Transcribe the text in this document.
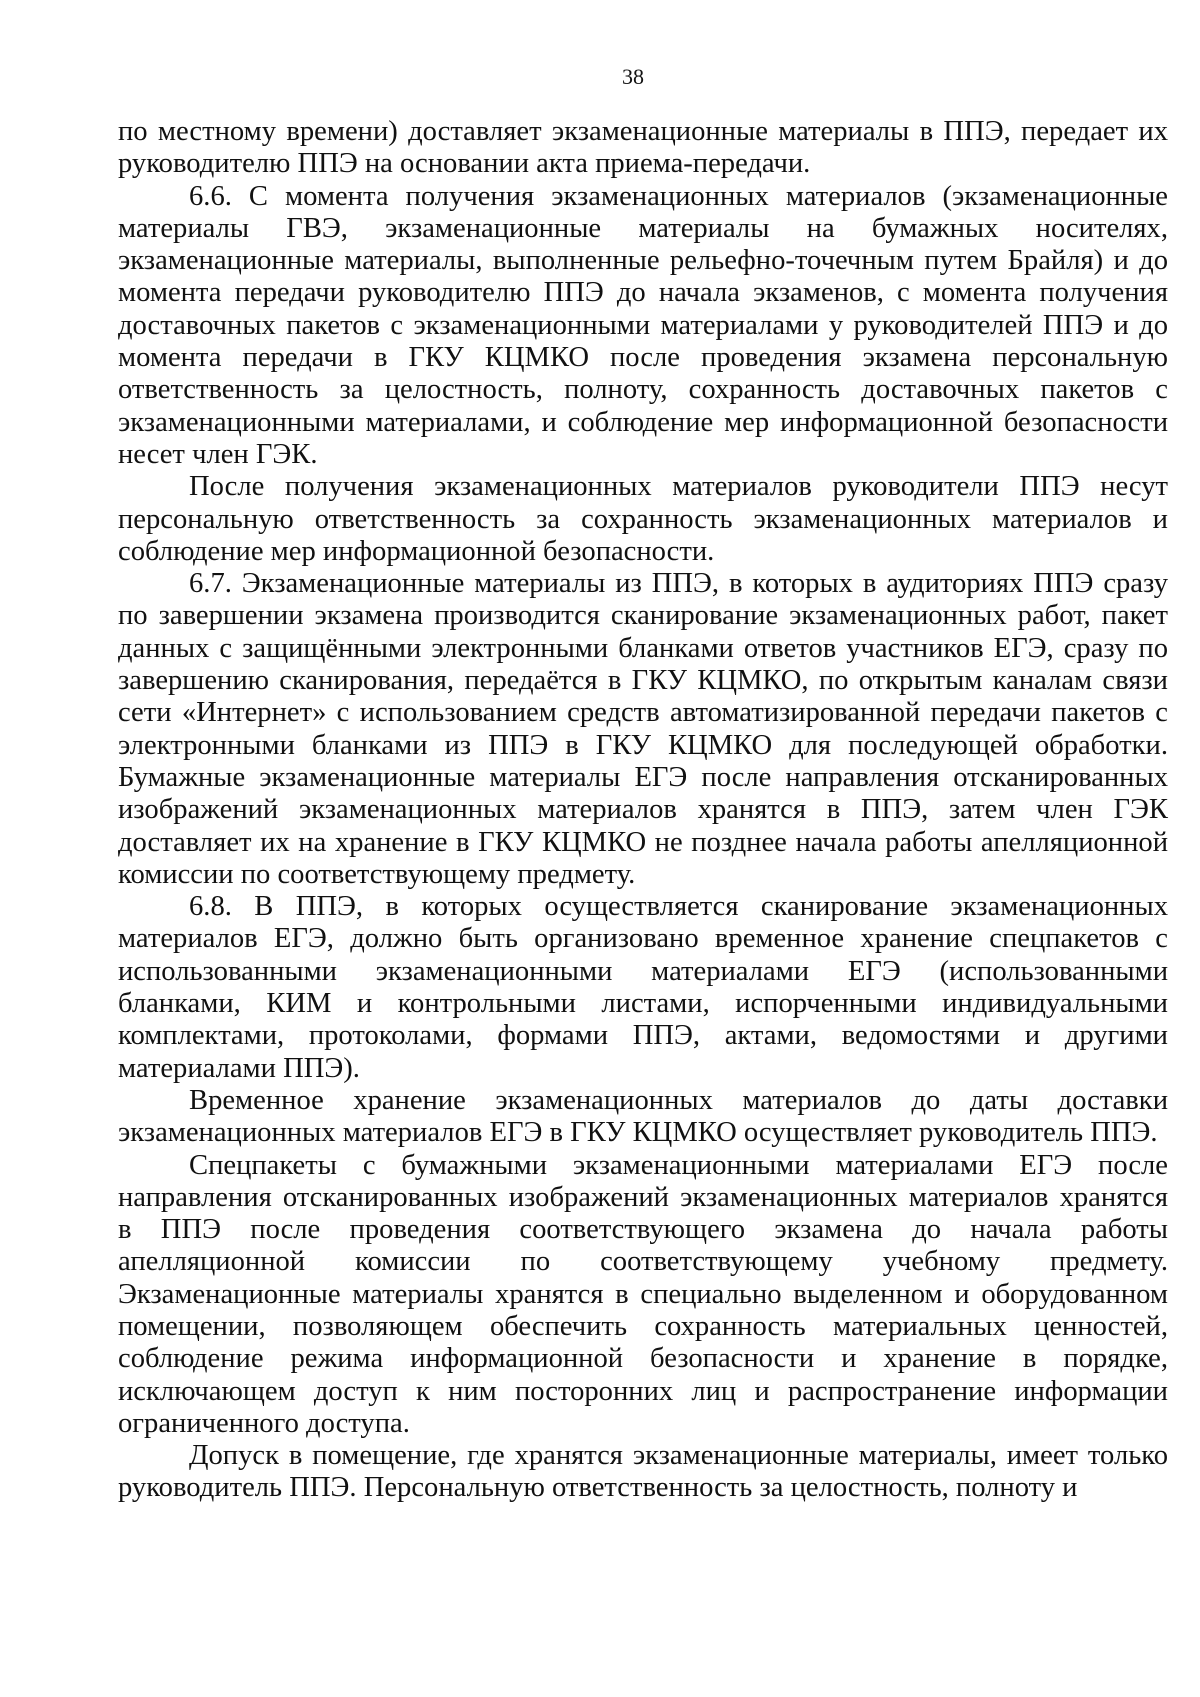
38

по местному времени) доставляет экзаменационные материалы в ППЭ, передает их руководителю ППЭ на основании акта приема-передачи.

6.6. С момента получения экзаменационных материалов (экзаменационные материалы ГВЭ, экзаменационные материалы на бумажных носителях, экзаменационные материалы, выполненные рельефно-точечным путем Брайля) и до момента передачи руководителю ППЭ до начала экзаменов, с момента получения доставочных пакетов с экзаменационными материалами у руководителей ППЭ и до момента передачи в ГКУ КЦМКО после проведения экзамена персональную ответственность за целостность, полноту, сохранность доставочных пакетов с экзаменационными материалами, и соблюдение мер информационной безопасности несет член ГЭК.

После получения экзаменационных материалов руководители ППЭ несут персональную ответственность за сохранность экзаменационных материалов и соблюдение мер информационной безопасности.

6.7. Экзаменационные материалы из ППЭ, в которых в аудиториях ППЭ сразу по завершении экзамена производится сканирование экзаменационных работ, пакет данных с защищёнными электронными бланками ответов участников ЕГЭ, сразу по завершению сканирования, передаётся в ГКУ КЦМКО, по открытым каналам связи сети «Интернет» с использованием средств автоматизированной передачи пакетов с электронными бланками из ППЭ в ГКУ КЦМКО для последующей обработки. Бумажные экзаменационные материалы ЕГЭ после направления отсканированных изображений экзаменационных материалов хранятся в ППЭ, затем член ГЭК доставляет их на хранение в ГКУ КЦМКО не позднее начала работы апелляционной комиссии по соответствующему предмету.

6.8. В ППЭ, в которых осуществляется сканирование экзаменационных материалов ЕГЭ, должно быть организовано временное хранение спецпакетов с использованными экзаменационными материалами ЕГЭ (использованными бланками, КИМ и контрольными листами, испорченными индивидуальными комплектами, протоколами, формами ППЭ, актами, ведомостями и другими материалами ППЭ).

Временное хранение экзаменационных материалов до даты доставки экзаменационных материалов ЕГЭ в ГКУ КЦМКО осуществляет руководитель ППЭ.

Спецпакеты с бумажными экзаменационными материалами ЕГЭ после направления отсканированных изображений экзаменационных материалов хранятся в ППЭ после проведения соответствующего экзамена до начала работы апелляционной комиссии по соответствующему учебному предмету. Экзаменационные материалы хранятся в специально выделенном и оборудованном помещении, позволяющем обеспечить сохранность материальных ценностей, соблюдение режима информационной безопасности и хранение в порядке, исключающем доступ к ним посторонних лиц и распространение информации ограниченного доступа.

Допуск в помещение, где хранятся экзаменационные материалы, имеет только руководитель ППЭ. Персональную ответственность за целостность, полноту и
